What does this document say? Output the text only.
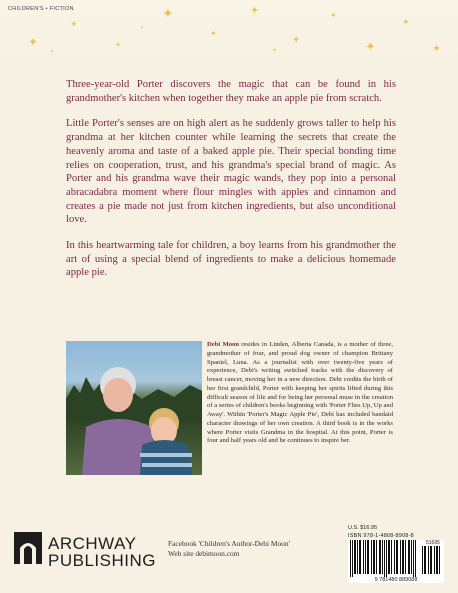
CHILDREN'S • FICTION
✦
✦
✦
✦
✦
✦
✦
✦
✦
✦
✦
✦
✦
✦

Three-year-old Porter discovers the magic that can be found in his grandmother's kitchen when together they make an apple pie from scratch.

Little Porter's senses are on high alert as he suddenly grows taller to help his grandma at her kitchen counter while learning the secrets that create the heavenly aroma and taste of a baked apple pie. Their special bonding time relies on cooperation, trust, and his grandma's special brand of magic. As Porter and his grandma wave their magic wands, they pop into a personal abracadabra moment where flour mingles with apples and cinnamon and creates a pie made not just from kitchen ingredients, but also unconditional love.

In this heartwarming tale for children, a boy learns from his grandmother the art of using a special blend of ingredients to make a delicious homemade apple pie.

Debi Moon resides in Linden, Alberta Canada, is a mother of three, grandmother of four, and proud dog owner of champion Brittany Spaniel, Luna. As a journalist with over twenty-five years of experience, Debi's writing switched tracks with the discovery of breast cancer, moving her in a new direction. Debi credits the birth of her first grandchild, Porter with keeping her spirits lifted during this difficult season of life and for being her personal muse in the creation of a series of children's books beginning with 'Porter Flies Up, Up and Away'. Within 'Porter's Magic Apple Pie', Debi has included bandaid character drawings of her own creation. A third book is in the works where Porter visits Grandma in the hospital. At this point, Porter is four and half years old and he continues to inspire her.
ARCHWAY
PUBLISHING
Facebook 'Children's Author-Debi Moon'
Web site debimoon.com
U.S. $16.95
ISBN 978-1-4808-8908-8
51695
9 781480 889088
